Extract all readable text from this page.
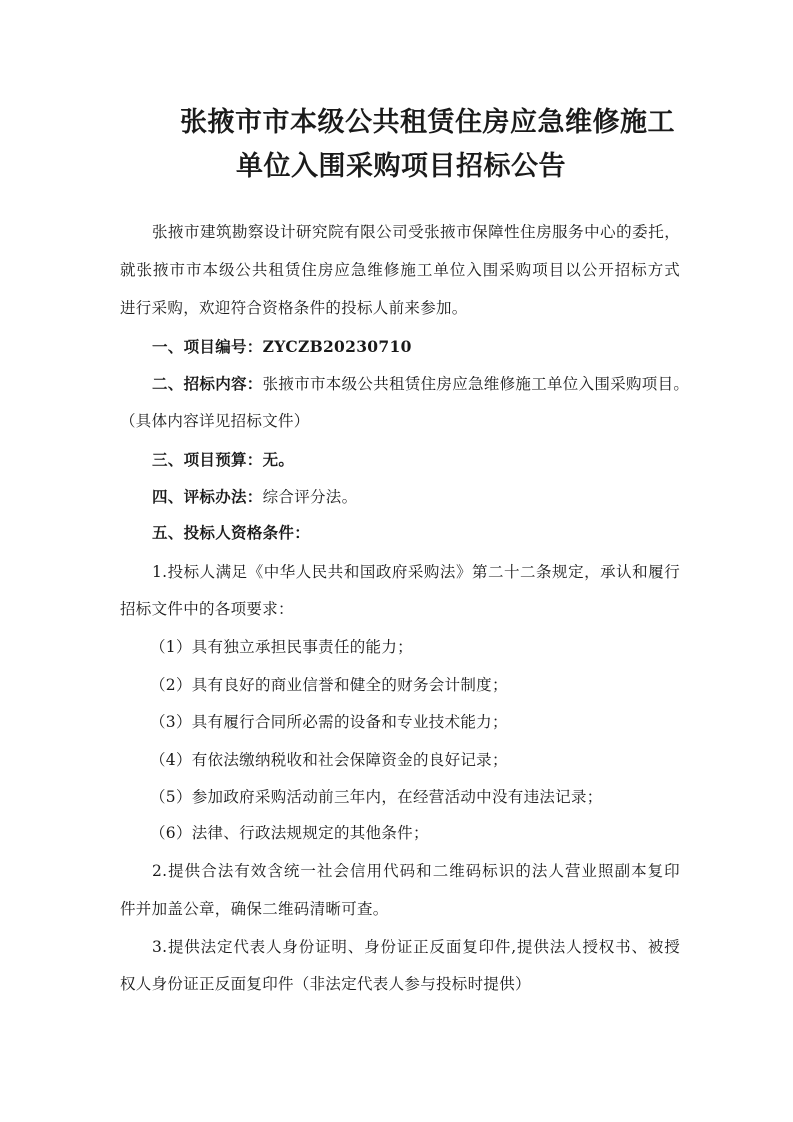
张掖市市本级公共租赁住房应急维修施工
单位入围采购项目招标公告
张掖市建筑勘察设计研究院有限公司受张掖市保障性住房服务中心的委托，
就张掖市市本级公共租赁住房应急维修施工单位入围采购项目以公开招标方式
进行采购，欢迎符合资格条件的投标人前来参加。
一、项目编号：ZYCZB20230710
二、招标内容：张掖市市本级公共租赁住房应急维修施工单位入围采购项目。
（具体内容详见招标文件）
三、项目预算：无。
四、评标办法：综合评分法。
五、投标人资格条件：
1.投标人满足《中华人民共和国政府采购法》第二十二条规定，承认和履行
招标文件中的各项要求：
（1）具有独立承担民事责任的能力；
（2）具有良好的商业信誉和健全的财务会计制度；
（3）具有履行合同所必需的设备和专业技术能力；
（4）有依法缴纳税收和社会保障资金的良好记录；
（5）参加政府采购活动前三年内，在经营活动中没有违法记录；
（6）法律、行政法规规定的其他条件；
2.提供合法有效含统一社会信用代码和二维码标识的法人营业照副本复印
件并加盖公章，确保二维码清晰可查。
3.提供法定代表人身份证明、身份证正反面复印件,提供法人授权书、被授
权人身份证正反面复印件（非法定代表人参与投标时提供）
